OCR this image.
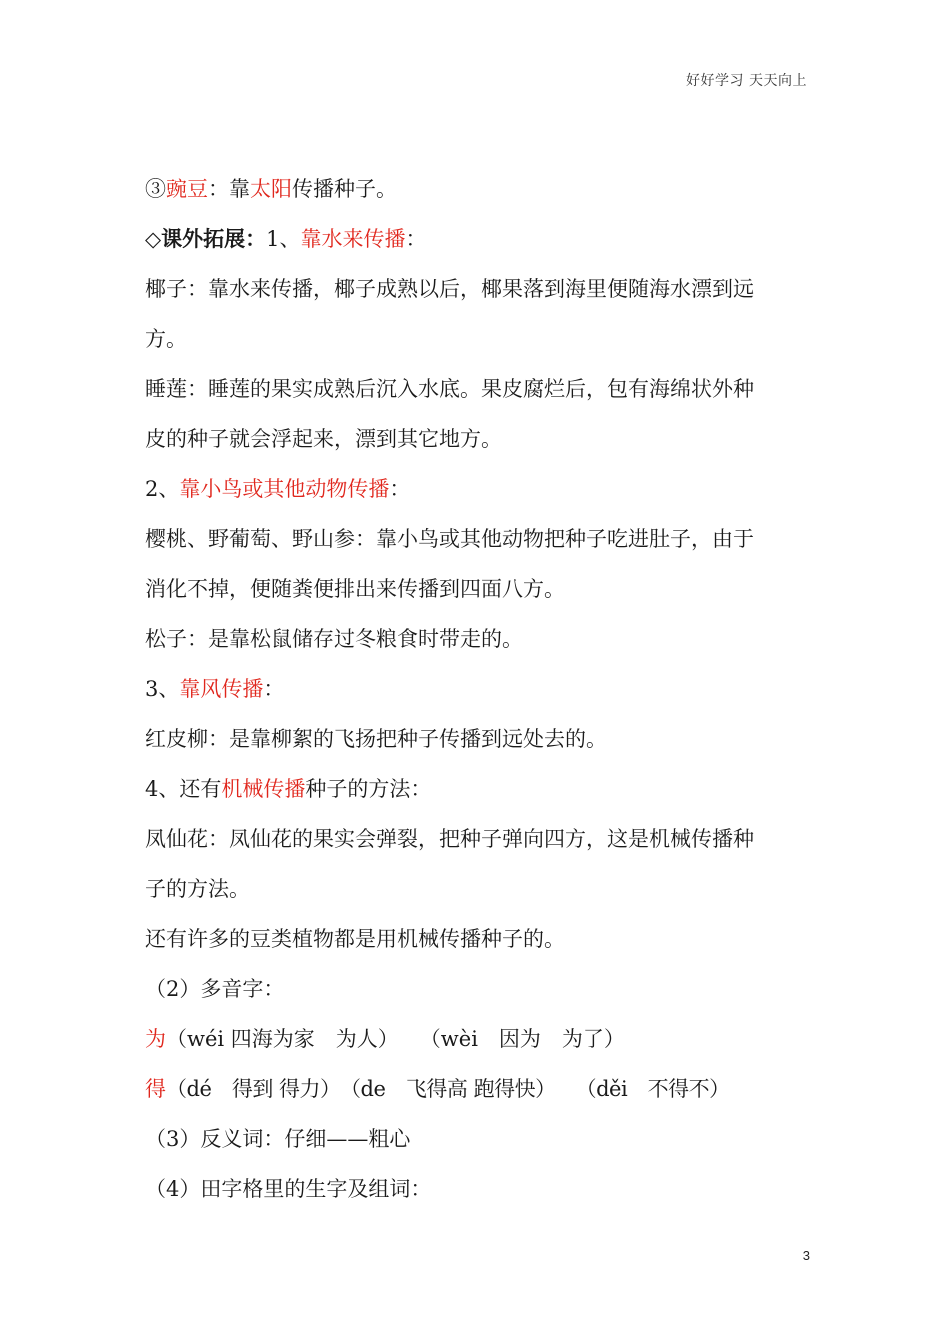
好好学习 天天向上
③豌豆：靠太阳传播种子。
◇课外拓展：1、靠水来传播：
椰子：靠水来传播，椰子成熟以后，椰果落到海里便随海水漂到远
方。
睡莲：睡莲的果实成熟后沉入水底。果皮腐烂后，包有海绵状外种
皮的种子就会浮起来，漂到其它地方。
2、靠小鸟或其他动物传播：
樱桃、野葡萄、野山参：靠小鸟或其他动物把种子吃进肚子，由于
消化不掉，便随粪便排出来传播到四面八方。
松子：是靠松鼠储存过冬粮食时带走的。
3、靠风传播：
红皮柳：是靠柳絮的飞扬把种子传播到远处去的。
4、还有机械传播种子的方法：
凤仙花：凤仙花的果实会弹裂，把种子弹向四方，这是机械传播种
子的方法。
还有许多的豆类植物都是用机械传播种子的。
（2）多音字：
为（wéi 四海为家　为人）　　（wèi　因为　为了）
得（dé　得到 得力）　（de　飞得高 跑得快）　　（děi　不得不）
（3）反义词：仔细——粗心
（4）田字格里的生字及组词：
3
